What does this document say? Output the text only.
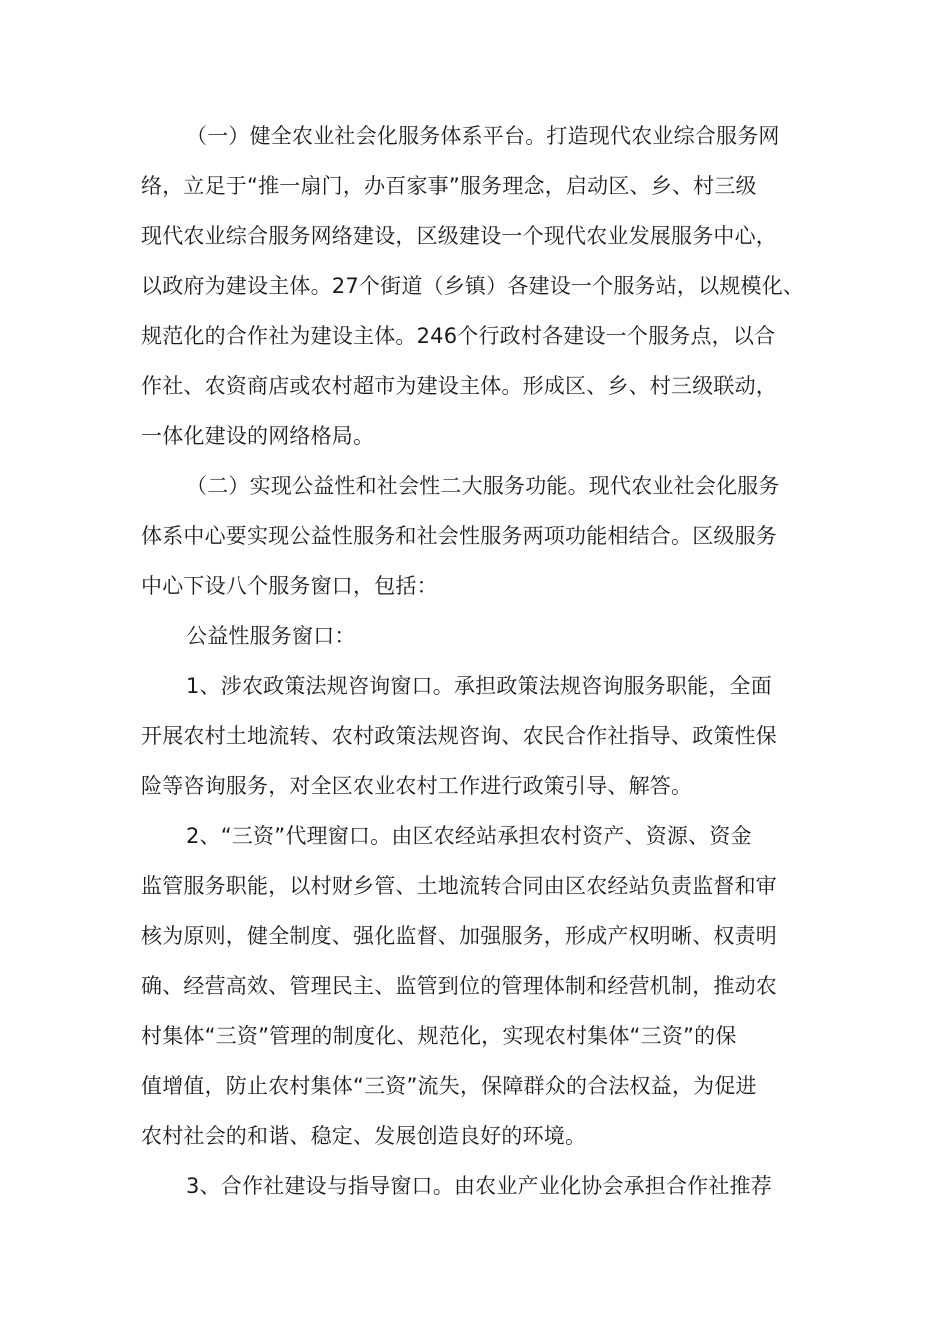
（一）健全农业社会化服务体系平台。打造现代农业综合服务网
络，立足于“推一扇门，办百家事”服务理念，启动区、乡、村三级
现代农业综合服务网络建设，区级建设一个现代农业发展服务中心，
以政府为建设主体。27个街道（乡镇）各建设一个服务站，以规模化、
规范化的合作社为建设主体。246个行政村各建设一个服务点，以合
作社、农资商店或农村超市为建设主体。形成区、乡、村三级联动，
一体化建设的网络格局。
（二）实现公益性和社会性二大服务功能。现代农业社会化服务
体系中心要实现公益性服务和社会性服务两项功能相结合。区级服务
中心下设八个服务窗口，包括：
公益性服务窗口：
1、涉农政策法规咨询窗口。承担政策法规咨询服务职能，全面
开展农村土地流转、农村政策法规咨询、农民合作社指导、政策性保
险等咨询服务，对全区农业农村工作进行政策引导、解答。
2、“三资”代理窗口。由区农经站承担农村资产、资源、资金
监管服务职能，以村财乡管、土地流转合同由区农经站负责监督和审
核为原则，健全制度、强化监督、加强服务，形成产权明晰、权责明
确、经营高效、管理民主、监管到位的管理体制和经营机制，推动农
村集体“三资”管理的制度化、规范化，实现农村集体“三资”的保
值增值，防止农村集体“三资”流失，保障群众的合法权益，为促进
农村社会的和谐、稳定、发展创造良好的环境。
3、合作社建设与指导窗口。由农业产业化协会承担合作社推荐
